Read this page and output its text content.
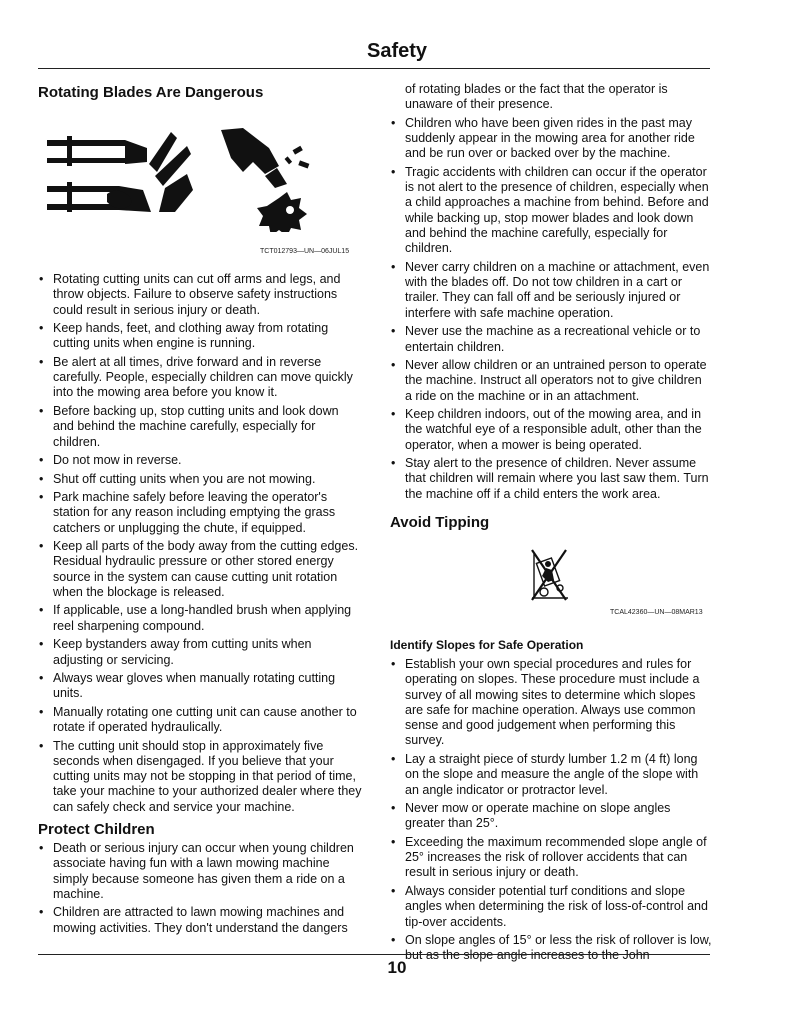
Safety
Rotating Blades Are Dangerous
TCT012793—UN—06JUL15
• Rotating cutting units can cut off arms and legs, and throw objects. Failure to observe safety instructions could result in serious injury or death.
• Keep hands, feet, and clothing away from rotating cutting units when engine is running.
• Be alert at all times, drive forward and in reverse carefully. People, especially children can move quickly into the mowing area before you know it.
• Before backing up, stop cutting units and look down and behind the machine carefully, especially for children.
• Do not mow in reverse.
• Shut off cutting units when you are not mowing.
• Park machine safely before leaving the operator's station for any reason including emptying the grass catchers or unplugging the chute, if equipped.
• Keep all parts of the body away from the cutting edges. Residual hydraulic pressure or other stored energy source in the system can cause cutting unit rotation when the blockage is released.
• If applicable, use a long-handled brush when applying reel sharpening compound.
• Keep bystanders away from cutting units when adjusting or servicing.
• Always wear gloves when manually rotating cutting units.
• Manually rotating one cutting unit can cause another to rotate if operated hydraulically.
• The cutting unit should stop in approximately five seconds when disengaged. If you believe that your cutting units may not be stopping in that period of time, take your machine to your authorized dealer where they can safely check and service your machine.
Protect Children
• Death or serious injury can occur when young children associate having fun with a lawn mowing machine simply because someone has given them a ride on a machine.
• Children are attracted to lawn mowing machines and mowing activities. They don't understand the dangers
of rotating blades or the fact that the operator is unaware of their presence.
• Children who have been given rides in the past may suddenly appear in the mowing area for another ride and be run over or backed over by the machine.
• Tragic accidents with children can occur if the operator is not alert to the presence of children, especially when a child approaches a machine from behind. Before and while backing up, stop mower blades and look down and behind the machine carefully, especially for children.
• Never carry children on a machine or attachment, even with the blades off. Do not tow children in a cart or trailer. They can fall off and be seriously injured or interfere with safe machine operation.
• Never use the machine as a recreational vehicle or to entertain children.
• Never allow children or an untrained person to operate the machine. Instruct all operators not to give children a ride on the machine or in an attachment.
• Keep children indoors, out of the mowing area, and in the watchful eye of a responsible adult, other than the operator, when a mower is being operated.
• Stay alert to the presence of children. Never assume that children will remain where you last saw them. Turn the machine off if a child enters the work area.
Avoid Tipping
TCAL42360—UN—08MAR13
Identify Slopes for Safe Operation
• Establish your own special procedures and rules for operating on slopes. These procedure must include a survey of all mowing sites to determine which slopes are safe for machine operation. Always use common sense and good judgement when performing this survey.
• Lay a straight piece of sturdy lumber 1.2 m (4 ft) long on the slope and measure the angle of the slope with an angle indicator or protractor level.
• Never mow or operate machine on slope angles greater than 25°.
• Exceeding the maximum recommended slope angle of 25° increases the risk of rollover accidents that can result in serious injury or death.
• Always consider potential turf conditions and slope angles when determining the risk of loss-of-control and tip-over accidents.
• On slope angles of 15° or less the risk of rollover is low, but as the slope angle increases to the John
10
